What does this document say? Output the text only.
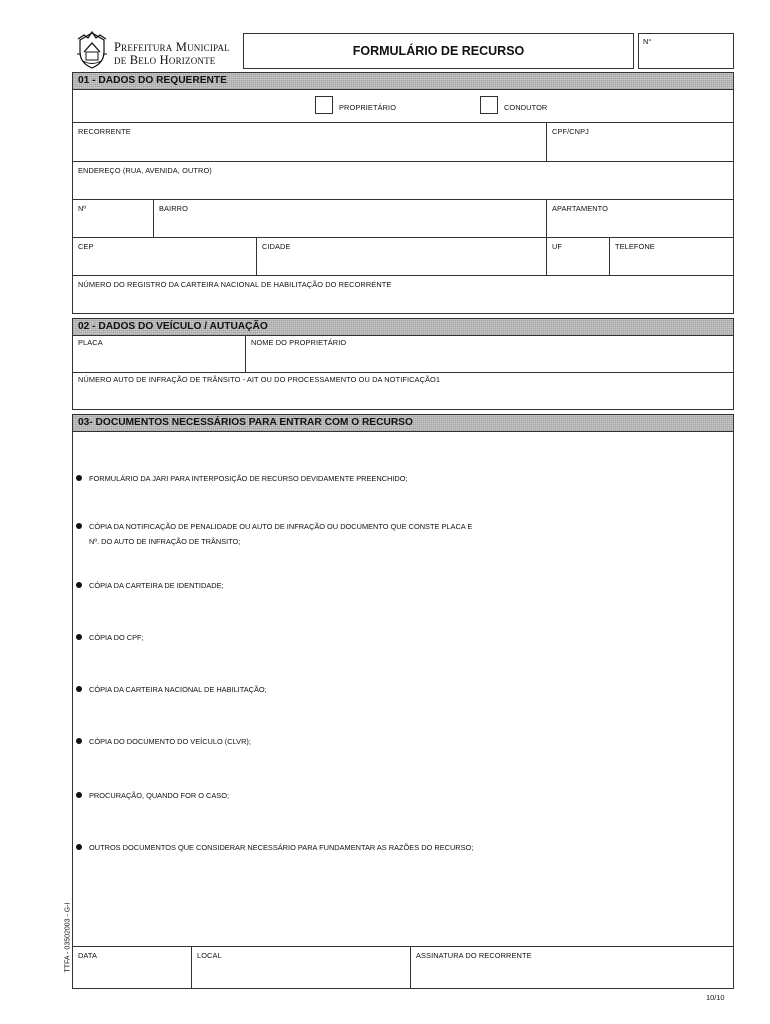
Prefeitura Municipal
de Belo Horizonte
FORMULÁRIO DE RECURSO
N°
01 - DADOS DO REQUERENTE
PROPRIETÁRIO	CONDUTOR
RECORRENTE	CPF/CNPJ
ENDEREÇO (RUA, AVENIDA, OUTRO)
Nº	BAIRRO	APARTAMENTO
CEP	CIDADE	UF	TELEFONE
NÚMERO DO REGISTRO DA CARTEIRA NACIONAL DE HABILITAÇÃO DO RECORRENTE
02 - DADOS DO VEÍCULO / AUTUAÇÃO
PLACA	NOME DO PROPRIETÁRIO
NÚMERO AUTO DE INFRAÇÃO DE TRÂNSITO - AIT OU DO PROCESSAMENTO OU DA NOTIFICAÇÃO1
03- DOCUMENTOS NECESSÁRIOS PARA ENTRAR COM O RECURSO
FORMULÁRIO DA JARI PARA INTERPOSIÇÃO DE RECURSO DEVIDAMENTE PREENCHIDO;
CÓPIA DA NOTIFICAÇÃO DE PENALIDADE OU AUTO DE INFRAÇÃO OU DOCUMENTO QUE CONSTE PLACA E
Nº. DO AUTO DE INFRAÇÃO DE TRÂNSITO;
CÓPIA DA CARTEIRA DE IDENTIDADE;
CÓPIA DO CPF;
CÓPIA DA CARTEIRA NACIONAL DE HABILITAÇÃO;
CÓPIA DO DOCUMENTO DO VEÍCULO (CLVR);
PROCURAÇÃO, QUANDO FOR O CASO;
OUTROS DOCUMENTOS QUE CONSIDERAR NECESSÁRIO PARA FUNDAMENTAR AS RAZÕES DO RECURSO;
DATA	LOCAL	ASSINATURA DO RECORRENTE
TTFA - 03502003 - G-I
10/10
